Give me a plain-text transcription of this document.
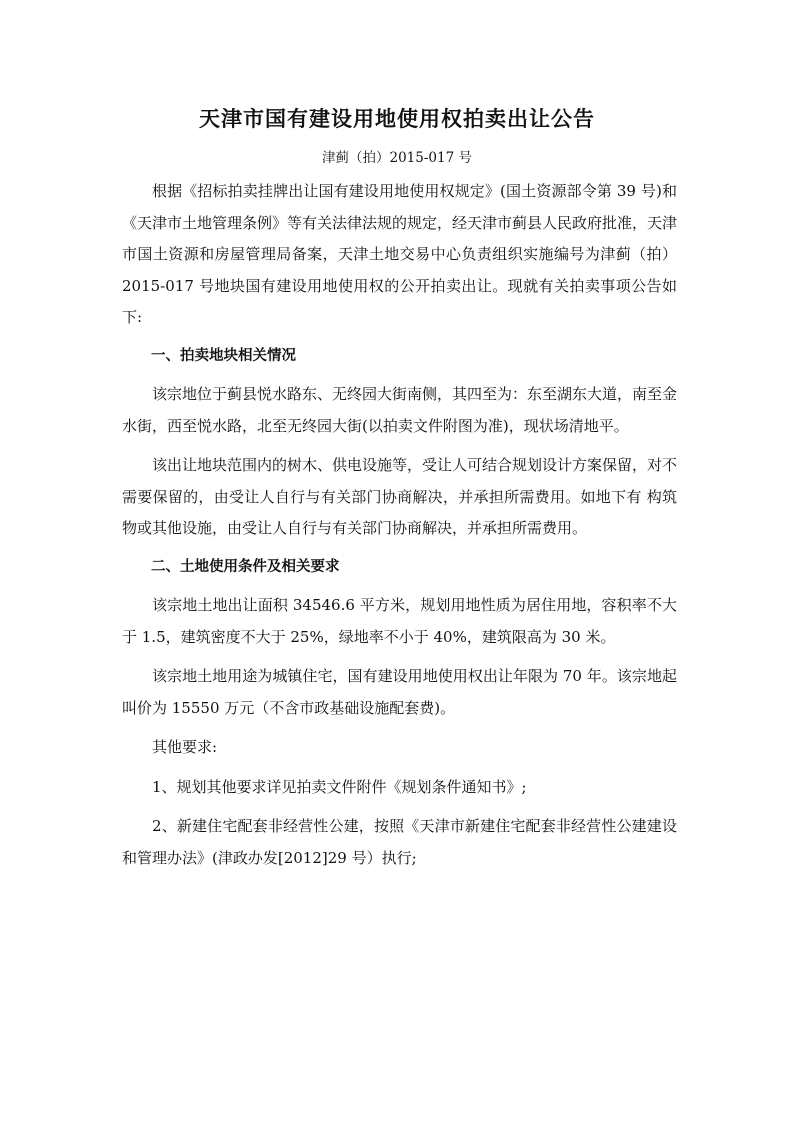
天津市国有建设用地使用权拍卖出让公告
津蓟（拍）2015-017 号

根据《招标拍卖挂牌出让国有建设用地使用权规定》(国土资源部令第 39 号)和《天津市土地管理条例》等有关法律法规的规定，经天津市蓟县人民政府批准，天津市国土资源和房屋管理局备案，天津土地交易中心负责组织实施编号为津蓟（拍）2015-017 号地块国有建设用地使用权的公开拍卖出让。现就有关拍卖事项公告如下:

一、拍卖地块相关情况

该宗地位于蓟县悦水路东、无终园大街南侧，其四至为：东至湖东大道，南至金水街，西至悦水路，北至无终园大街(以拍卖文件附图为准)，现状场清地平。

该出让地块范围内的树木、供电设施等，受让人可结合规划设计方案保留，对不需要保留的，由受让人自行与有关部门协商解决，并承担所需费用。如地下有 构筑物或其他设施，由受让人自行与有关部门协商解决，并承担所需费用。

二、土地使用条件及相关要求

该宗地土地出让面积 34546.6 平方米，规划用地性质为居住用地，容积率不大于 1.5，建筑密度不大于 25%，绿地率不小于 40%，建筑限高为 30 米。

该宗地土地用途为城镇住宅，国有建设用地使用权出让年限为 70 年。该宗地起叫价为 15550 万元（不含市政基础设施配套费)。

其他要求:

1、规划其他要求详见拍卖文件附件《规划条件通知书》;

2、新建住宅配套非经营性公建，按照《天津市新建住宅配套非经营性公建建设和管理办法》(津政办发[2012]29 号）执行;
